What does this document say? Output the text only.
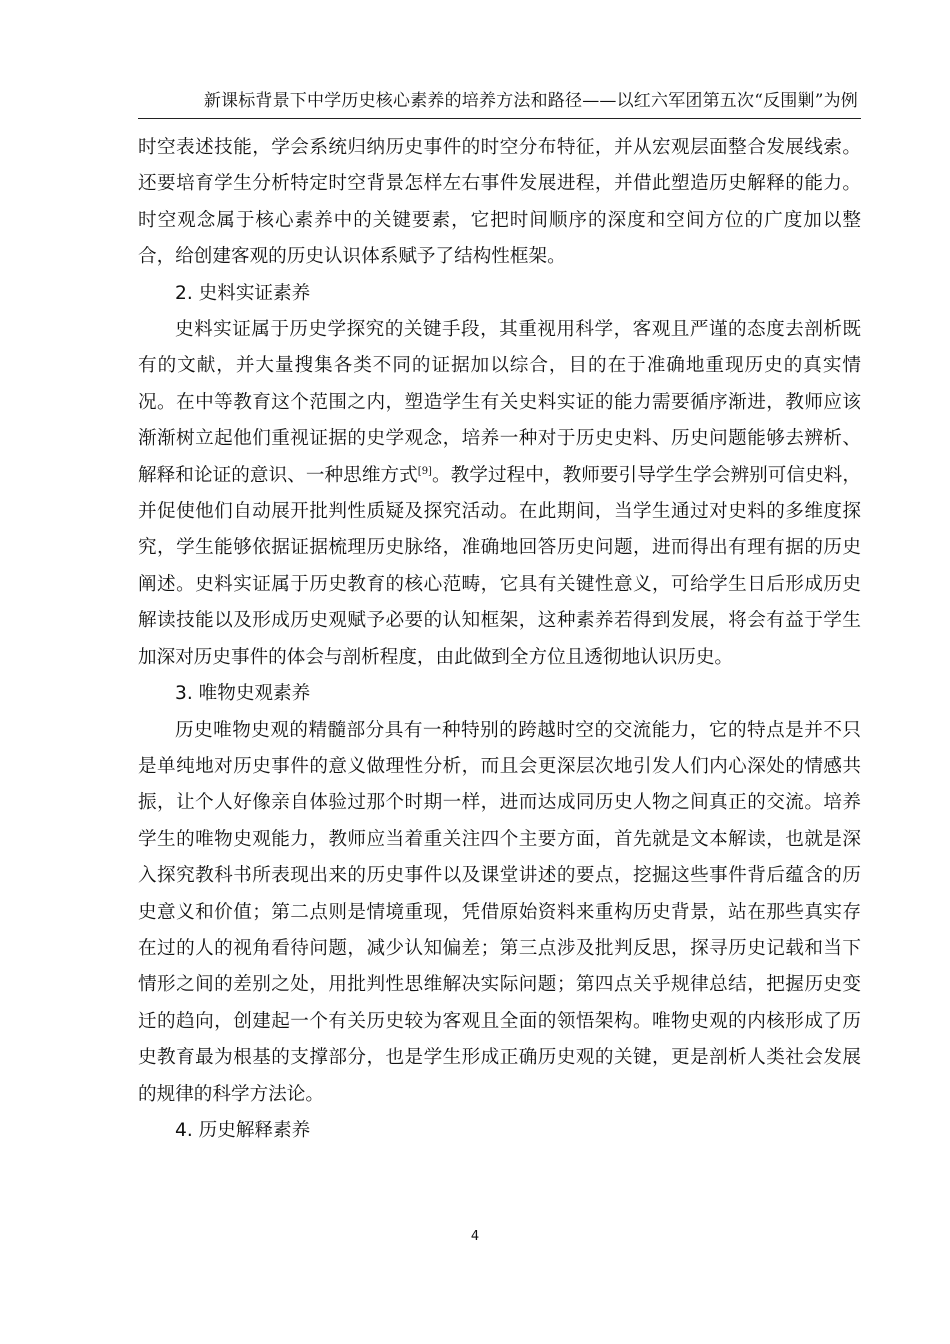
新课标背景下中学历史核心素养的培养方法和路径——以红六军团第五次“反围剿”为例

时空表述技能，学会系统归纳历史事件的时空分布特征，并从宏观层面整合发展线索。还要培育学生分析特定时空背景怎样左右事件发展进程，并借此塑造历史解释的能力。时空观念属于核心素养中的关键要素，它把时间顺序的深度和空间方位的广度加以整合，给创建客观的历史认识体系赋予了结构性框架。

2. 史料实证素养

史料实证属于历史学探究的关键手段，其重视用科学，客观且严谨的态度去剖析既有的文献，并大量搜集各类不同的证据加以综合，目的在于准确地重现历史的真实情况。在中等教育这个范围之内，塑造学生有关史料实证的能力需要循序渐进，教师应该渐渐树立起他们重视证据的史学观念，培养一种对于历史史料、历史问题能够去辨析、解释和论证的意识、一种思维方式[9]。教学过程中，教师要引导学生学会辨别可信史料，并促使他们自动展开批判性质疑及探究活动。在此期间，当学生通过对史料的多维度探究，学生能够依据证据梳理历史脉络，准确地回答历史问题，进而得出有理有据的历史阐述。史料实证属于历史教育的核心范畴，它具有关键性意义，可给学生日后形成历史解读技能以及形成历史观赋予必要的认知框架，这种素养若得到发展，将会有益于学生加深对历史事件的体会与剖析程度，由此做到全方位且透彻地认识历史。

3. 唯物史观素养

历史唯物史观的精髓部分具有一种特别的跨越时空的交流能力，它的特点是并不只是单纯地对历史事件的意义做理性分析，而且会更深层次地引发人们内心深处的情感共振，让个人好像亲自体验过那个时期一样，进而达成同历史人物之间真正的交流。培养学生的唯物史观能力，教师应当着重关注四个主要方面，首先就是文本解读，也就是深入探究教科书所表现出来的历史事件以及课堂讲述的要点，挖掘这些事件背后蕴含的历史意义和价值；第二点则是情境重现，凭借原始资料来重构历史背景，站在那些真实存在过的人的视角看待问题，减少认知偏差；第三点涉及批判反思，探寻历史记载和当下情形之间的差别之处，用批判性思维解决实际问题；第四点关乎规律总结，把握历史变迁的趋向，创建起一个有关历史较为客观且全面的领悟架构。唯物史观的内核形成了历史教育最为根基的支撑部分，也是学生形成正确历史观的关键，更是剖析人类社会发展的规律的科学方法论。

4. 历史解释素养

4
